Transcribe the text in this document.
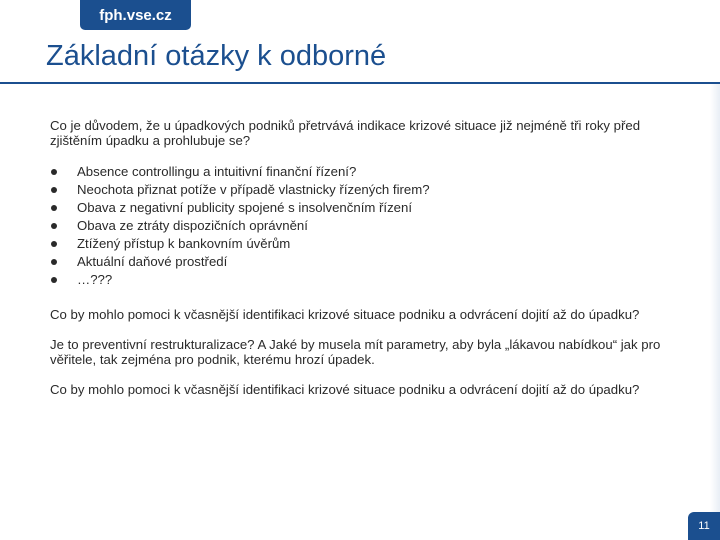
fph.vse.cz
Základní otázky k odborné

Co je důvodem, že u úpadkových podniků přetrvává indikace krizové situace již nejméně tři roky před zjištěním úpadku a prohlubuje se?

Absence controllingu a intuitivní finanční řízení?
Neochota přiznat potíže v případě vlastnicky řízených firem?
Obava z negativní publicity spojené s insolvenčním řízení
Obava ze ztráty dispozičních oprávnění
Ztížený přístup k bankovním úvěrům
Aktuální daňové prostředí
…???

Co by mohlo pomoci k včasnější identifikaci krizové situace podniku a odvrácení dojití až do úpadku?

Je to preventivní restrukturalizace? A Jaké by musela mít parametry, aby byla „lákavou nabídkou“ jak pro věřitele, tak zejména pro podnik, kterému hrozí úpadek.

Co by mohlo pomoci k včasnější identifikaci krizové situace podniku a odvrácení dojití až do úpadku?

11
